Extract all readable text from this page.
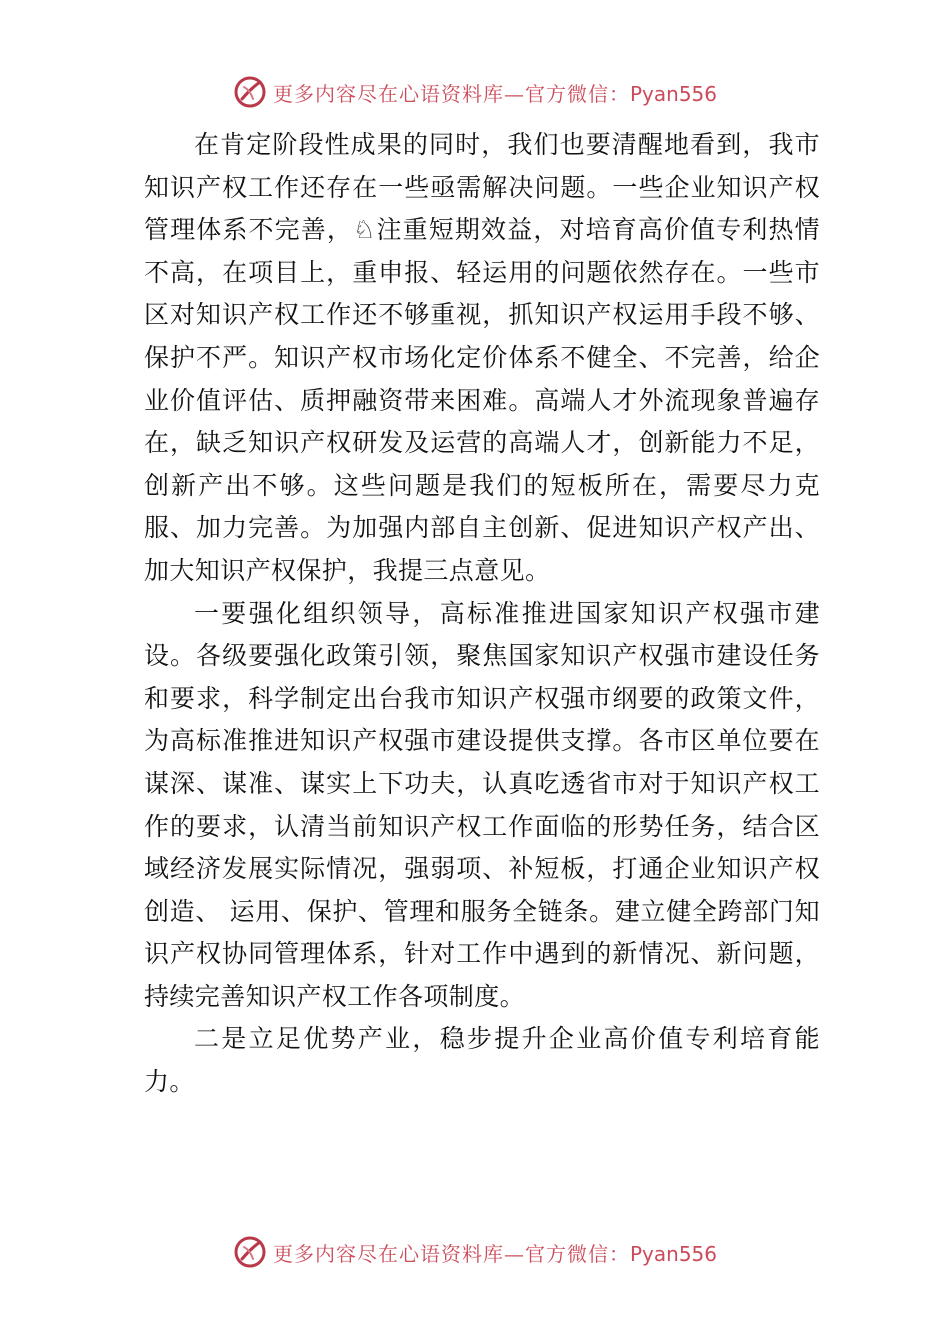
更多内容尽在心语资料库—官方微信：Pyan556

在肯定阶段性成果的同时，我们也要清醒地看到，我市知识产权工作还存在一些亟需解决问题。一些企业知识产权管理体系不完善，♘注重短期效益，对培育高价值专利热情不高，在项目上，重申报、轻运用的问题依然存在。一些市区对知识产权工作还不够重视，抓知识产权运用手段不够、 保护不严。知识产权市场化定价体系不健全、不完善，给企业价值评估、质押融资带来困难。高端人才外流现象普遍存在，缺乏知识产权研发及运营的高端人才，创新能力不足， 创新产出不够。这些问题是我们的短板所在，需要尽力克服、加力完善。为加强内部自主创新、促进知识产权产出、加大知识产权保护，我提三点意见。

一要强化组织领导，高标准推进国家知识产权强市建设。各级要强化政策引领，聚焦国家知识产权强市建设任务和要求，科学制定出台我市知识产权强市纲要的政策文件，为高标准推进知识产权强市建设提供支撑。各市区单位要在谋深、谋准、谋实上下功夫，认真吃透省市对于知识产权工作的要求，认清当前知识产权工作面临的形势任务，结合区域经济发展实际情况，强弱项、补短板，打通企业知识产权创造、 运用、保护、管理和服务全链条。建立健全跨部门知识产权协同管理体系，针对工作中遇到的新情况、新问题，持续完善知识产权工作各项制度。

二是立足优势产业，稳步提升企业高价值专利培育能力。

更多内容尽在心语资料库—官方微信：Pyan556
